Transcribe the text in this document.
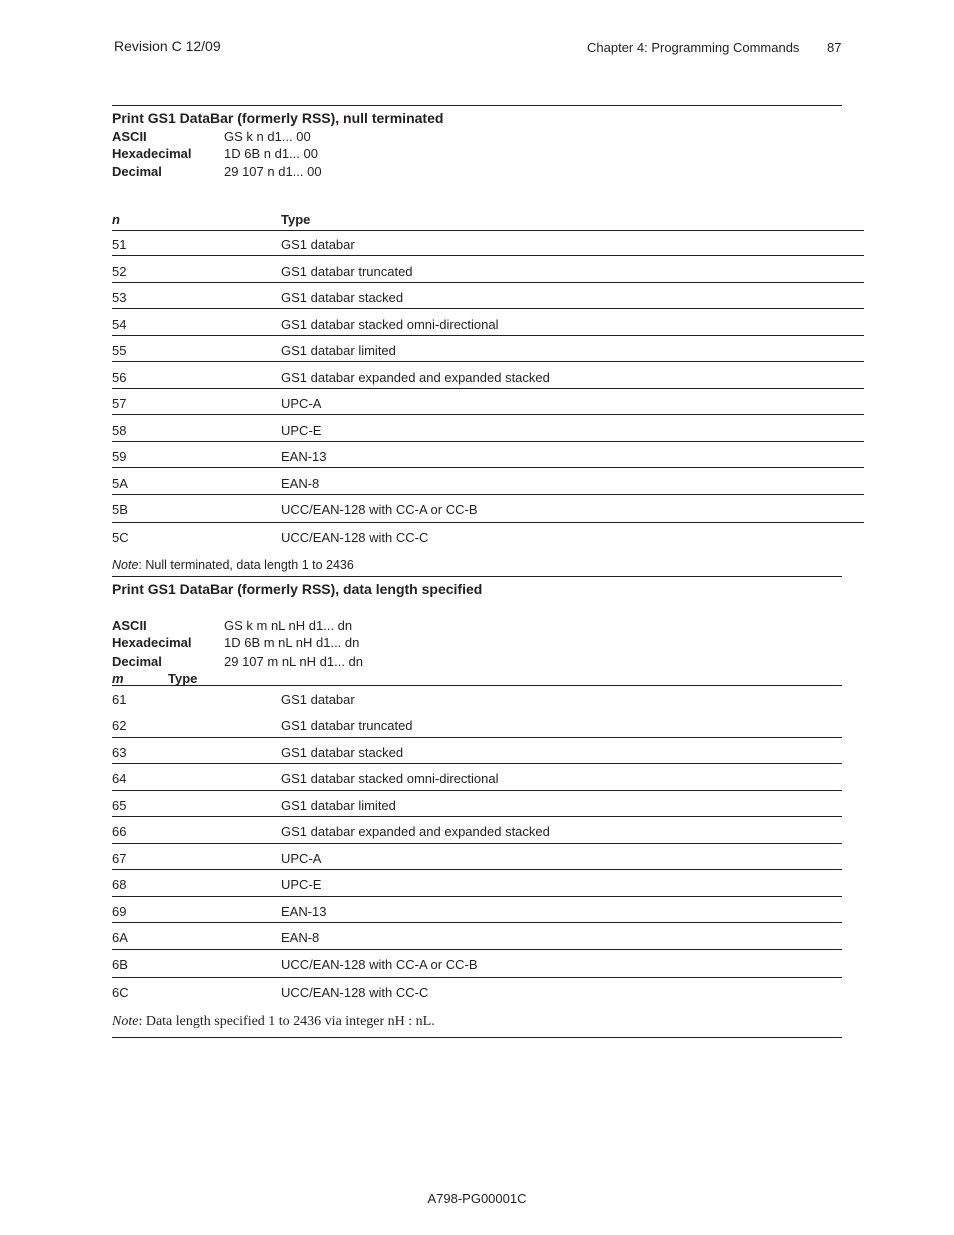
Revision C 12/09	Chapter 4: Programming Commands 87
Print GS1 DataBar (formerly RSS), null terminated
ASCII	GS k n d1... 00
Hexadecimal	1D 6B n d1... 00
Decimal	29 107 n d1... 00
n	Type
51	GS1 databar
52	GS1 databar truncated
53	GS1 databar stacked
54	GS1 databar stacked omni-directional
55	GS1 databar limited
56	GS1 databar expanded and expanded stacked
57	UPC-A
58	UPC-E
59	EAN-13
5A	EAN-8
5B	UCC/EAN-128 with CC-A or CC-B
5C	UCC/EAN-128 with CC-C
Note: Null terminated, data length 1 to 2436
Print GS1 DataBar (formerly RSS), data length specified
ASCII	GS k m nL nH d1... dn
Hexadecimal	1D 6B m nL nH d1... dn
Decimal	29 107 m nL nH d1... dn
m	Type
61	GS1 databar
62	GS1 databar truncated
63	GS1 databar stacked
64	GS1 databar stacked omni-directional
65	GS1 databar limited
66	GS1 databar expanded and expanded stacked
67	UPC-A
68	UPC-E
69	EAN-13
6A	EAN-8
6B	UCC/EAN-128 with CC-A or CC-B
6C	UCC/EAN-128 with CC-C
Note: Data length specified 1 to 2436 via integer nH : nL.
A798-PG00001C
